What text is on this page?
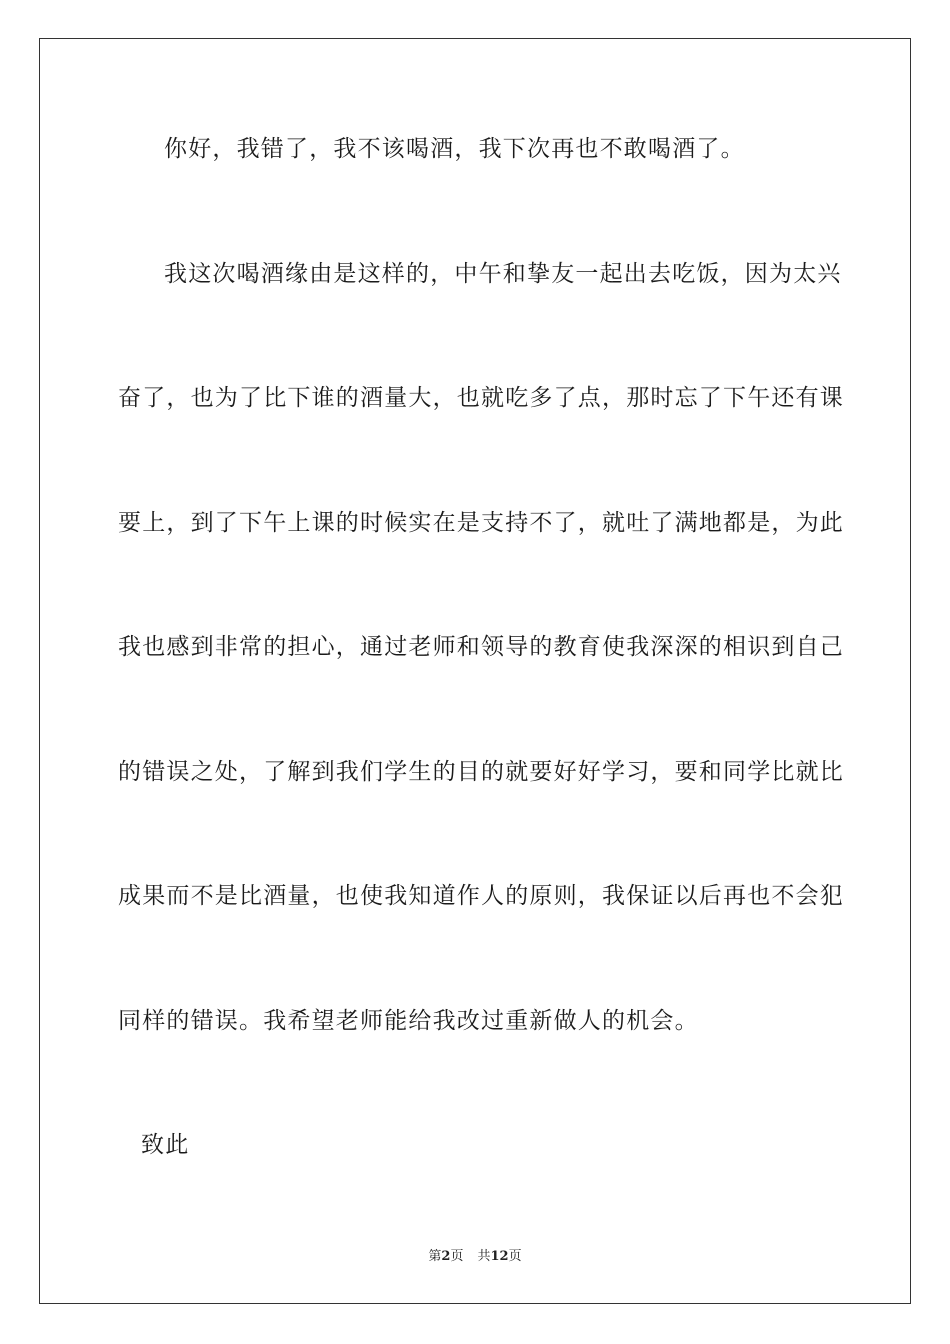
你好，我错了，我不该喝酒，我下次再也不敢喝酒了。
我这次喝酒缘由是这样的，中午和挚友一起出去吃饭，因为太兴
奋了，也为了比下谁的酒量大，也就吃多了点，那时忘了下午还有课
要上，到了下午上课的时候实在是支持不了，就吐了满地都是，为此
我也感到非常的担心，通过老师和领导的教育使我深深的相识到自己
的错误之处，了解到我们学生的目的就要好好学习，要和同学比就比
成果而不是比酒量，也使我知道作人的原则，我保证以后再也不会犯
同样的错误。我希望老师能给我改过重新做人的机会。
致此
第2页 共12页
